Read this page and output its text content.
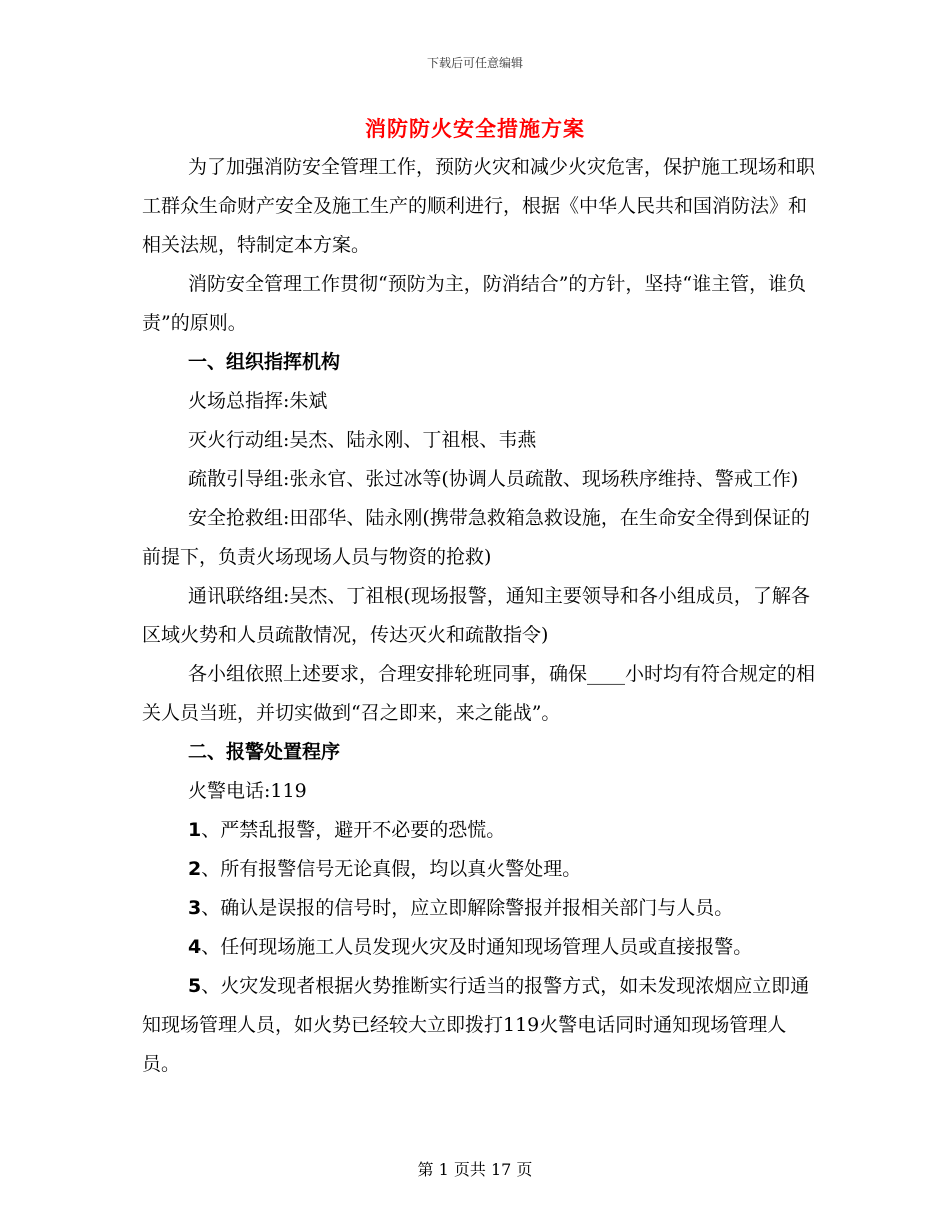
下载后可任意编辑
消防防火安全措施方案

为了加强消防安全管理工作，预防火灾和减少火灾危害，保护施工现场和职工群众生命财产安全及施工生产的顺利进行，根据《中华人民共和国消防法》和相关法规，特制定本方案。

消防安全管理工作贯彻“预防为主，防消结合”的方针，坚持“谁主管，谁负责”的原则。

一、组织指挥机构

火场总指挥:朱斌

灭火行动组:吴杰、陆永刚、丁祖根、韦燕

疏散引导组:张永官、张过冰等(协调人员疏散、现场秩序维持、警戒工作)

安全抢救组:田邵华、陆永刚(携带急救箱急救设施，在生命安全得到保证的前提下，负责火场现场人员与物资的抢救)

通讯联络组:吴杰、丁祖根(现场报警，通知主要领导和各小组成员，了解各区域火势和人员疏散情况，传达灭火和疏散指令)

各小组依照上述要求，合理安排轮班同事，确保____小时均有符合规定的相关人员当班，并切实做到“召之即来，来之能战”。

二、报警处置程序

火警电话:119

1、严禁乱报警，避开不必要的恐慌。

2、所有报警信号无论真假，均以真火警处理。

3、确认是误报的信号时，应立即解除警报并报相关部门与人员。

4、任何现场施工人员发现火灾及时通知现场管理人员或直接报警。

5、火灾发现者根据火势推断实行适当的报警方式，如未发现浓烟应立即通知现场管理人员，如火势已经较大立即拨打119火警电话同时通知现场管理人员。

第 1 页共 17 页
